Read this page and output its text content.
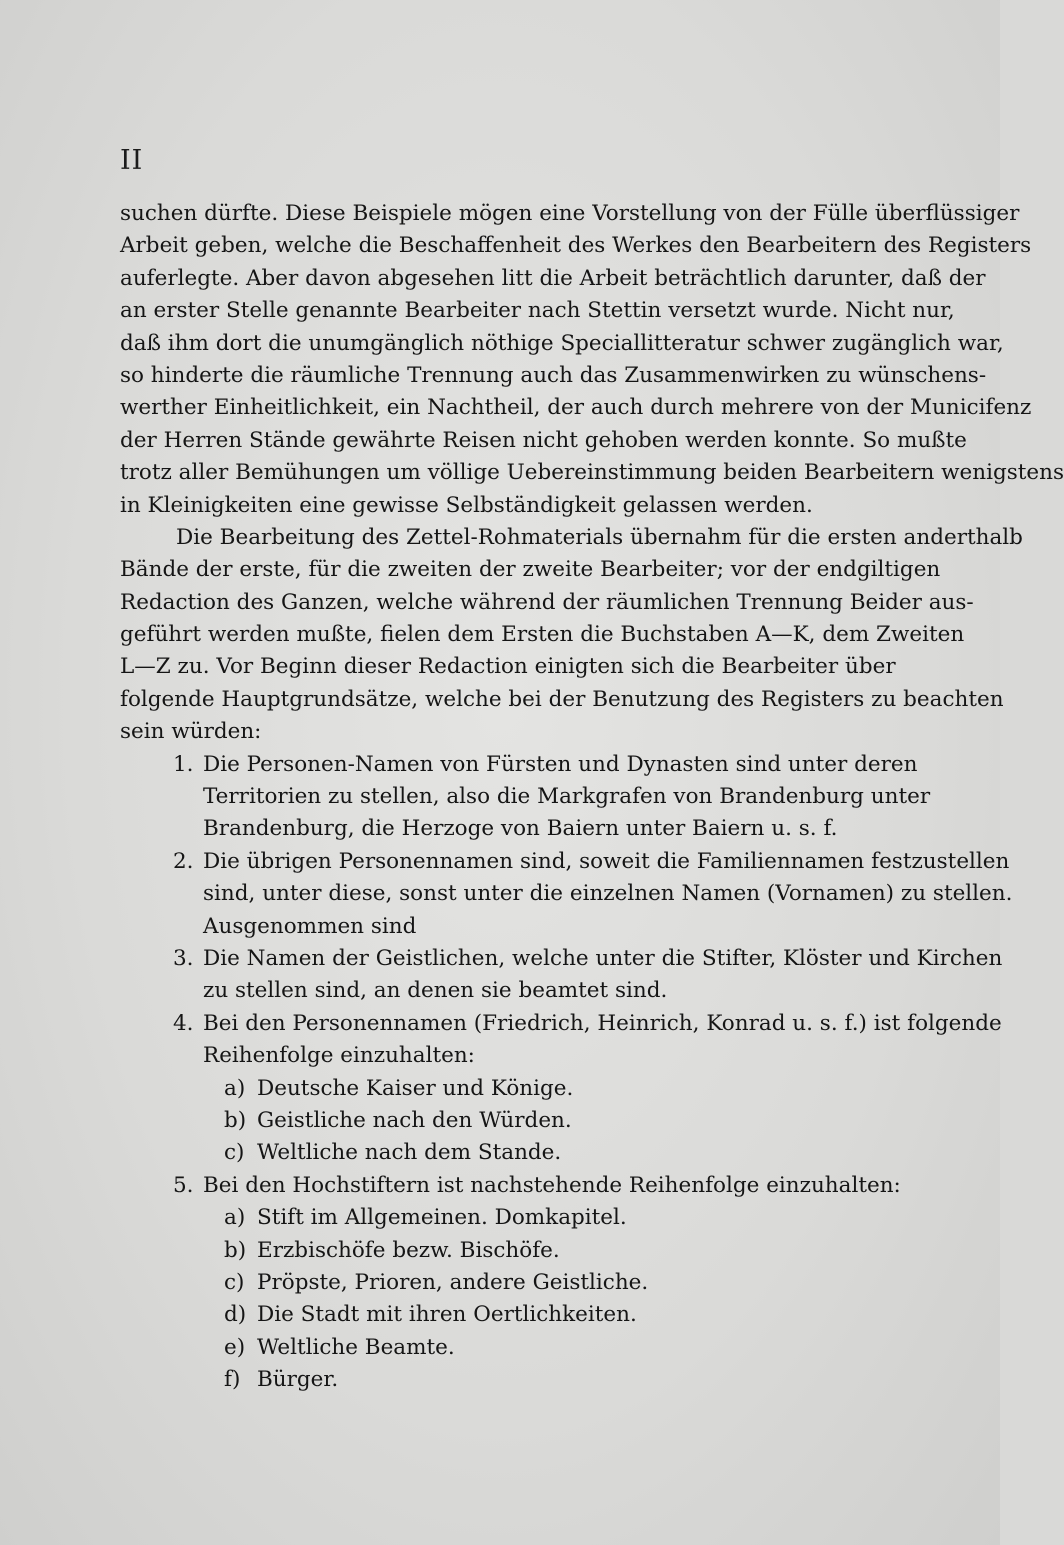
II
suchen dürfte. Diese Beispiele mögen eine Vorstellung von der Fülle überflüssiger
Arbeit geben, welche die Beschaffenheit des Werkes den Bearbeitern des Registers
auferlegte. Aber davon abgesehen litt die Arbeit beträchtlich darunter, daß der
an erster Stelle genannte Bearbeiter nach Stettin versetzt wurde. Nicht nur,
daß ihm dort die unumgänglich nöthige Speciallitteratur schwer zugänglich war,
so hinderte die räumliche Trennung auch das Zusammenwirken zu wünschens-
werther Einheitlichkeit, ein Nachtheil, der auch durch mehrere von der Municifenz
der Herren Stände gewährte Reisen nicht gehoben werden konnte. So mußte
trotz aller Bemühungen um völlige Uebereinstimmung beiden Bearbeitern wenigstens
in Kleinigkeiten eine gewisse Selbständigkeit gelassen werden.
Die Bearbeitung des Zettel-Rohmaterials übernahm für die ersten anderthalb
Bände der erste, für die zweiten der zweite Bearbeiter; vor der endgiltigen
Redaction des Ganzen, welche während der räumlichen Trennung Beider aus-
geführt werden mußte, fielen dem Ersten die Buchstaben A—K, dem Zweiten
L—Z zu. Vor Beginn dieser Redaction einigten sich die Bearbeiter über
folgende Hauptgrundsätze, welche bei der Benutzung des Registers zu beachten
sein würden:
1. Die Personen-Namen von Fürsten und Dynasten sind unter deren
Territorien zu stellen, also die Markgrafen von Brandenburg unter
Brandenburg, die Herzoge von Baiern unter Baiern u. s. f.
2. Die übrigen Personennamen sind, soweit die Familiennamen festzustellen
sind, unter diese, sonst unter die einzelnen Namen (Vornamen) zu stellen.
Ausgenommen sind
3. Die Namen der Geistlichen, welche unter die Stifter, Klöster und Kirchen
zu stellen sind, an denen sie beamtet sind.
4. Bei den Personennamen (Friedrich, Heinrich, Konrad u. s. f.) ist folgende
Reihenfolge einzuhalten:
a) Deutsche Kaiser und Könige.
b) Geistliche nach den Würden.
c) Weltliche nach dem Stande.
5. Bei den Hochstiftern ist nachstehende Reihenfolge einzuhalten:
a) Stift im Allgemeinen. Domkapitel.
b) Erzbischöfe bezw. Bischöfe.
c) Pröpste, Prioren, andere Geistliche.
d) Die Stadt mit ihren Oertlichkeiten.
e) Weltliche Beamte.
f) Bürger.
